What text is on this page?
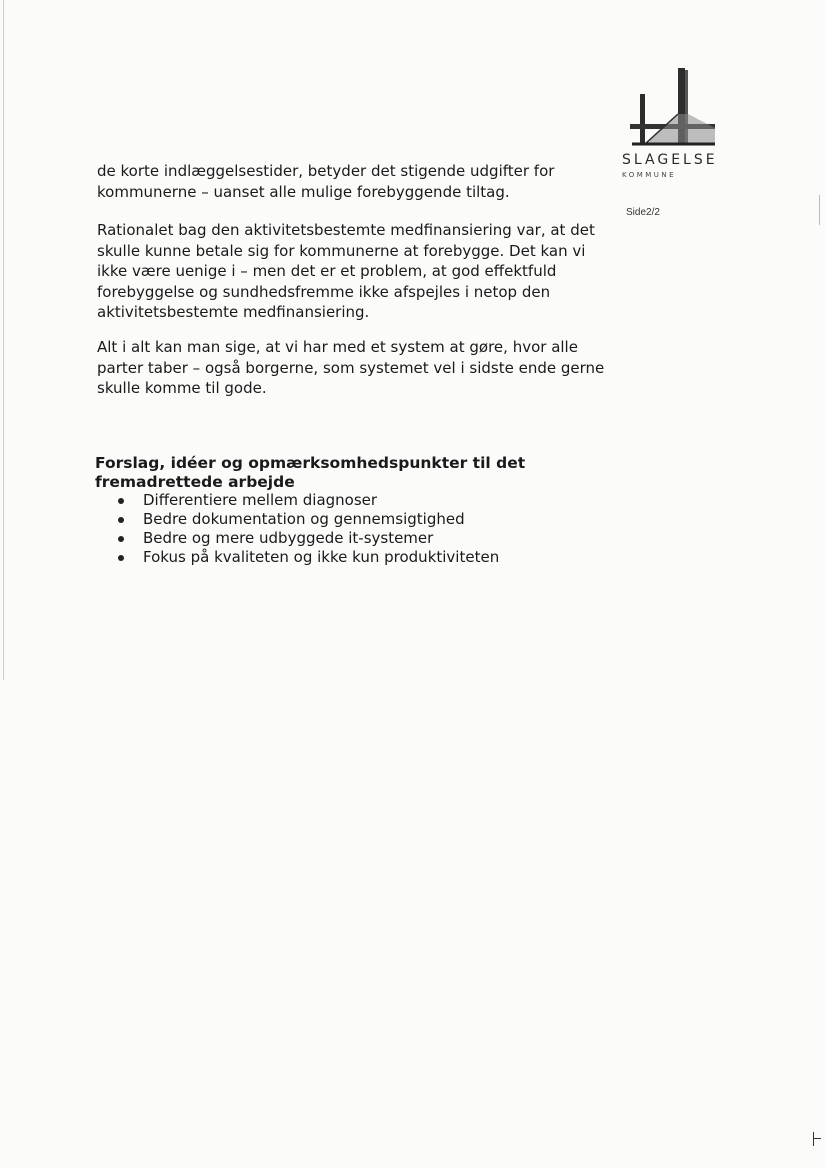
SLAGELSE
KOMMUNE
Side2/2

de korte indlæggelsestider, betyder det stigende udgifter for kommunerne – uanset alle mulige forebyggende tiltag.

Rationalet bag den aktivitetsbestemte medfinansiering var, at det skulle kunne betale sig for kommunerne at forebygge. Det kan vi ikke være uenige i – men det er et problem, at god effektfuld forebyggelse og sundhedsfremme ikke afspejles i netop den aktivitetsbestemte medfinansiering.

Alt i alt kan man sige, at vi har med et system at gøre, hvor alle parter taber – også borgerne, som systemet vel i sidste ende gerne skulle komme til gode.

Forslag, idéer og opmærksomhedspunkter til det fremadrettede arbejde
Differentiere mellem diagnoser
Bedre dokumentation og gennemsigtighed
Bedre og mere udbyggede it-systemer
Fokus på kvaliteten og ikke kun produktiviteten
